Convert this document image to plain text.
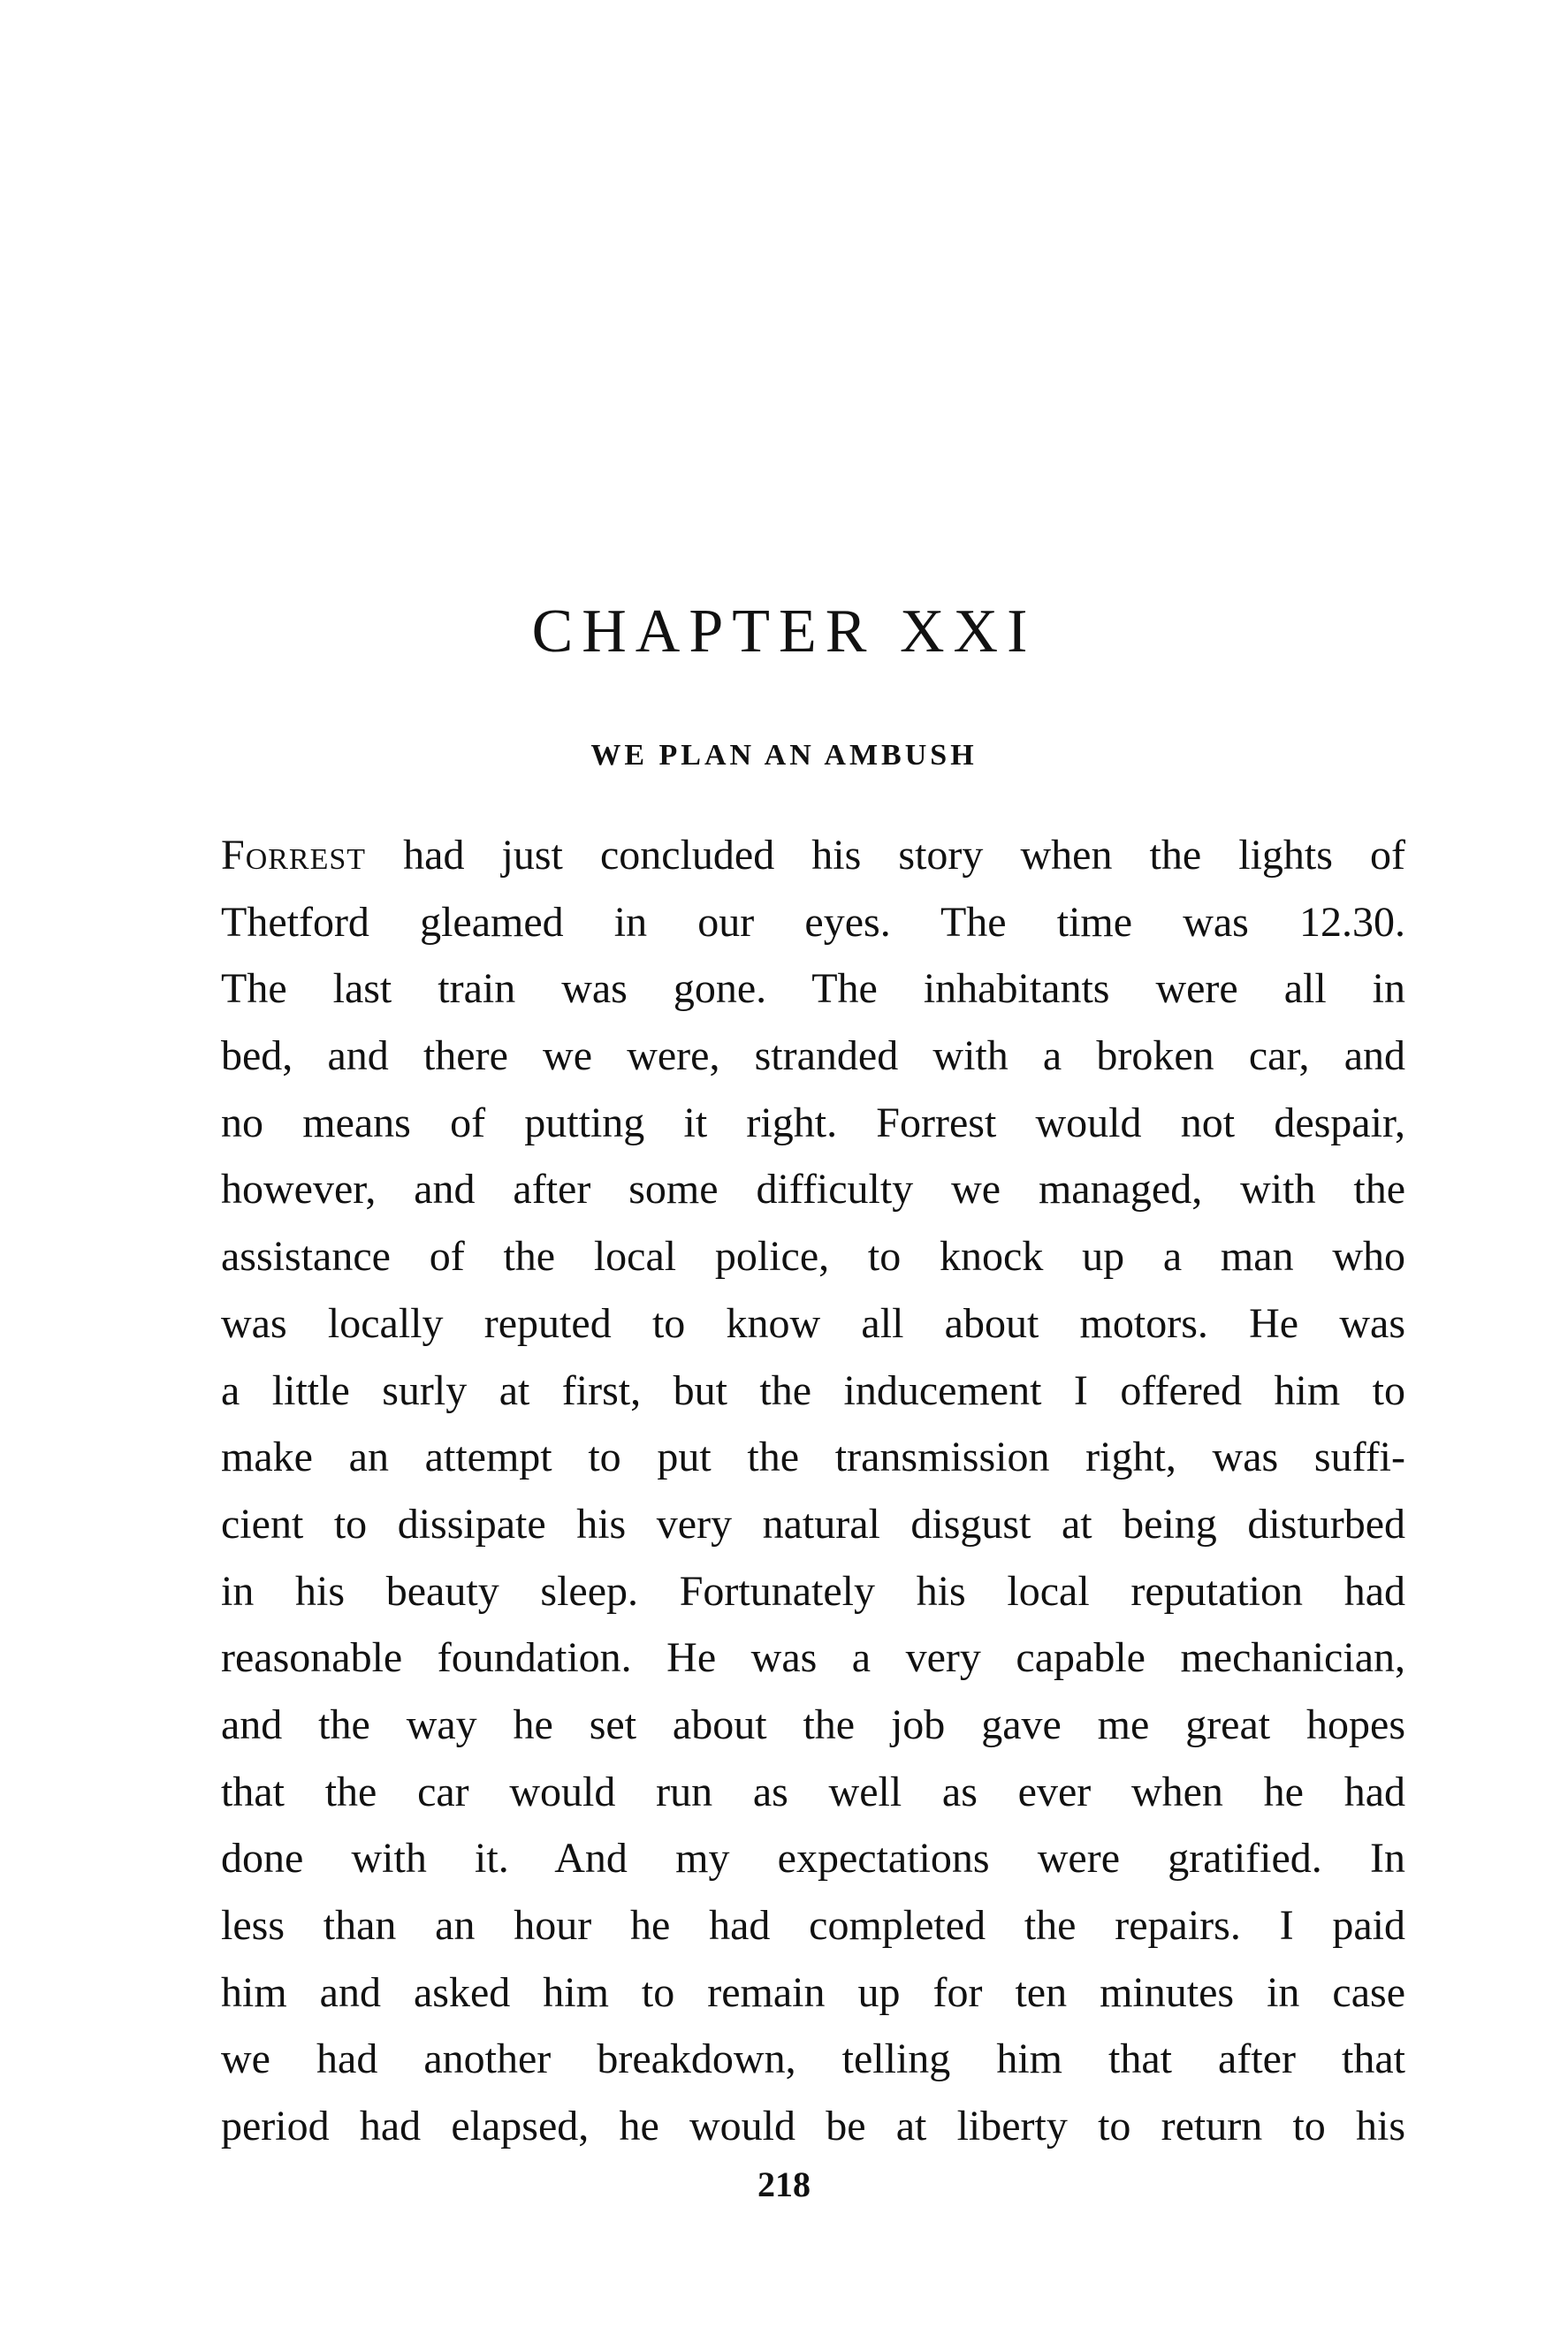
CHAPTER XXI
WE PLAN AN AMBUSH
Forrest had just concluded his story when the lights of
Thetford gleamed in our eyes. The time was 12.30.
The last train was gone. The inhabitants were all in
bed, and there we were, stranded with a broken car, and
no means of putting it right. Forrest would not despair,
however, and after some difficulty we managed, with the
assistance of the local police, to knock up a man who
was locally reputed to know all about motors. He was
a little surly at first, but the inducement I offered him to
make an attempt to put the transmission right, was suffi-
cient to dissipate his very natural disgust at being disturbed
in his beauty sleep. Fortunately his local reputation had
reasonable foundation. He was a very capable mechanician,
and the way he set about the job gave me great hopes
that the car would run as well as ever when he had
done with it. And my expectations were gratified. In
less than an hour he had completed the repairs. I paid
him and asked him to remain up for ten minutes in case
we had another breakdown, telling him that after that
period had elapsed, he would be at liberty to return to his
218
